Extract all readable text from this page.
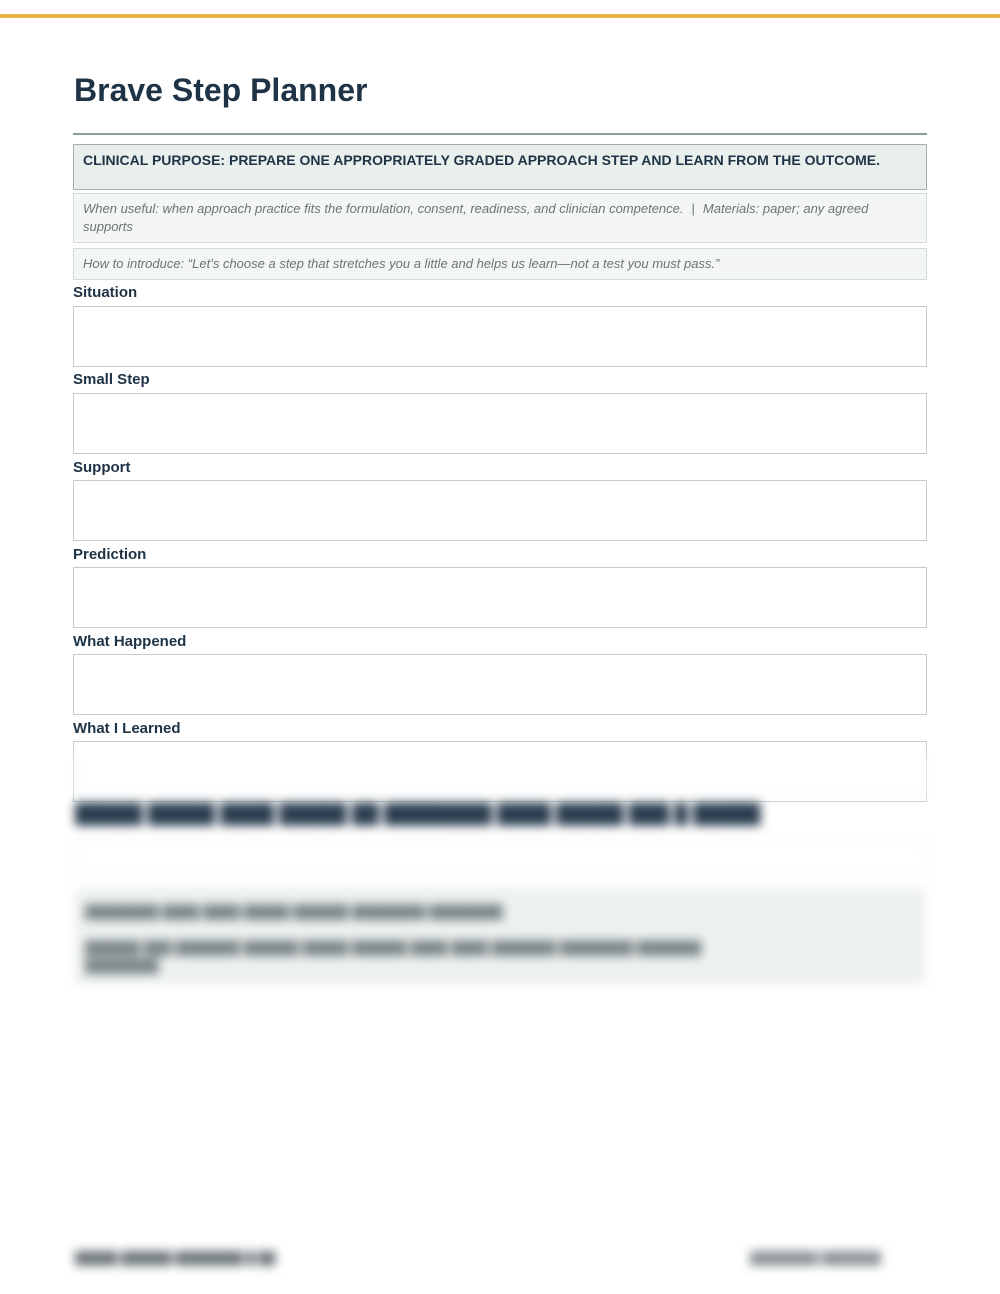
Brave Step Planner
CLINICAL PURPOSE: PREPARE ONE APPROPRIATELY GRADED APPROACH STEP AND LEARN FROM THE OUTCOME.
When useful: when approach practice fits the formulation, consent, readiness, and clinician competence. | Materials: paper; any agreed supports
How to introduce: “Let’s choose a step that stretches you a little and helps us learn—not a test you must pass.”
Situation
Small Step
Support
Prediction
What Happened
What I Learned
█████ █████ ████ █████ ██ ████████ ████ █████ ███ █ █████
████████ ████ ████ █████ ██████ ████████ ████████
██████ ███ ███████ ██████ █████ ██████ ████ ████ ███████ ████████ ███████
████████
█████ ██████ ████████ █ ██	████████ ███████
